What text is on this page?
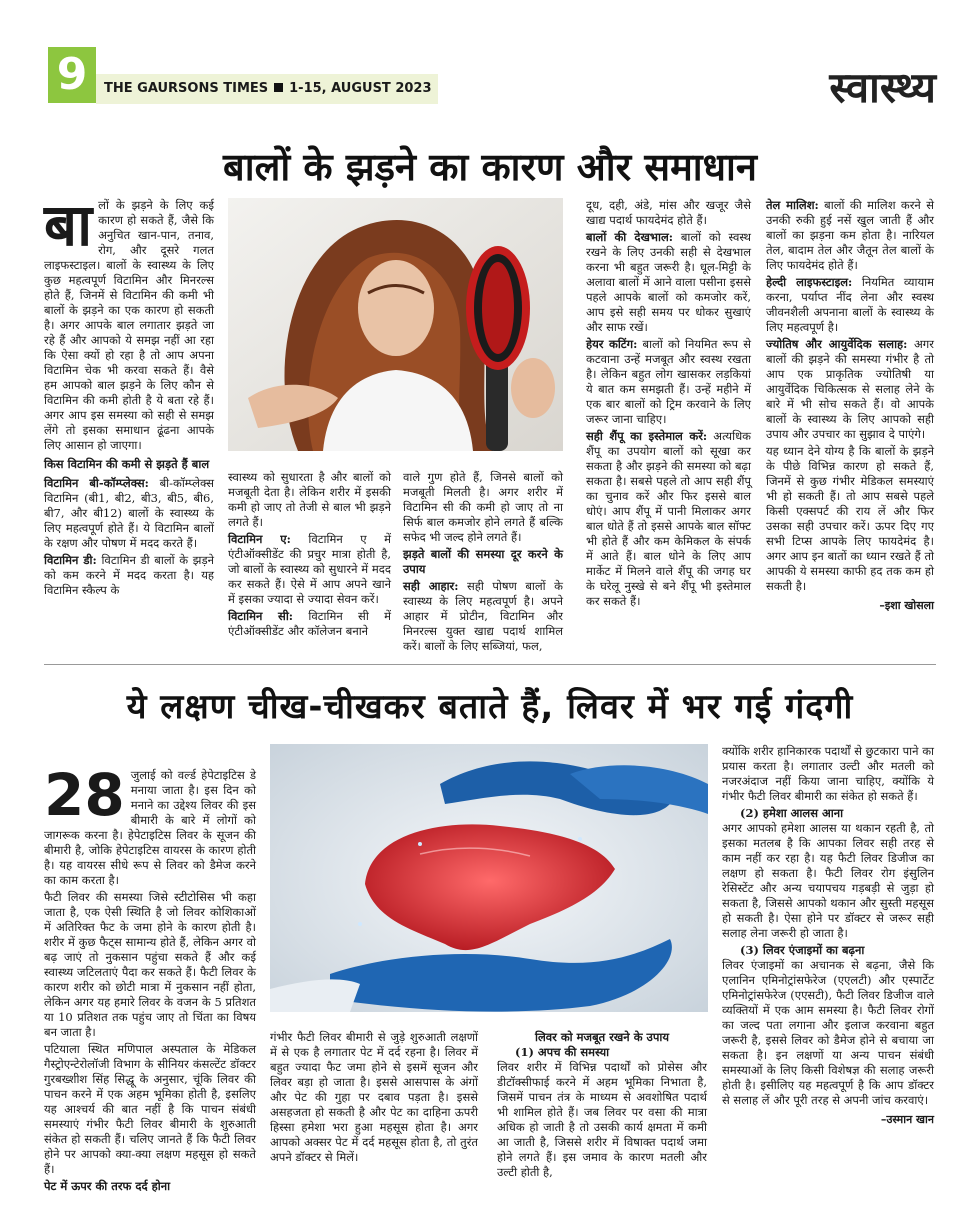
9	THE GAURSONS TIMES 1-15, AUGUST 2023	स्वास्थ्य
बालों के झड़ने का कारण और समाधान
बा लों के झड़ने के लिए कई कारण हो सकते हैं, जैसे कि अनुचित खान-पान, तनाव, रोग, और दूसरे गलत लाइफस्टाइल। बालों के स्वास्थ्य के लिए कुछ महत्वपूर्ण विटामिन और मिनरल्स होते हैं, जिनमें से विटामिन की कमी भी बालों के झड़ने का एक कारण हो सकती है। अगर आपके बाल लगातार झड़ते जा रहे हैं और आपको ये समझ नहीं आ रहा कि ऐसा क्यों हो रहा है तो आप अपना विटामिन चेक भी करवा सकते हैं। वैसे हम आपको बाल झड़ने के लिए कौन से विटामिन की कमी होती है ये बता रहे हैं। अगर आप इस समस्या को सही से समझ लेंगे तो इसका समाधान ढूंढना आपके लिए आसान हो जाएगा।

किस विटामिन की कमी से झड़ते हैं बाल

विटामिन बी-कॉम्प्लेक्स: बी-कॉम्प्लेक्स विटामिन (बी1, बी2, बी3, बी5, बी6, बी7, और बी12) बालों के स्वास्थ्य के लिए महत्वपूर्ण होते हैं। ये विटामिन बालों के रक्षण और पोषण में मदद करते हैं।

विटामिन डी: विटामिन डी बालों के झड़ने को कम करने में मदद करता है। यह विटामिन स्कैल्प के

स्वास्थ्य को सुधारता है और बालों को मजबूती देता है। लेकिन शरीर में इसकी कमी हो जाए तो तेजी से बाल भी झड़ने लगते हैं।

विटामिन ए: विटामिन ए में एंटीऑक्सीडेंट की प्रचुर मात्रा होती है, जो बालों के स्वास्थ्य को सुधारने में मदद कर सकते हैं। ऐसे में आप अपने खाने में इसका ज्यादा से ज्यादा सेवन करें।

विटामिन सी: विटामिन सी में एंटीऑक्सीडेंट और कॉलेजन बनाने

वाले गुण होते हैं, जिनसे बालों को मजबूती मिलती है। अगर शरीर में विटामिन सी की कमी हो जाए तो ना सिर्फ बाल कमजोर होने लगते हैं बल्कि सफेद भी जल्द होने लगते हैं।

झड़ते बालों की समस्या दूर करने के उपाय

सही आहार: सही पोषण बालों के स्वास्थ्य के लिए महत्वपूर्ण है। अपने आहार में प्रोटीन, विटामिन और मिनरल्स युक्त खाद्य पदार्थ शामिल करें। बालों के लिए सब्जियां, फल,

दूध, दही, अंडे, मांस और खजूर जैसे खाद्य पदार्थ फायदेमंद होते हैं।

बालों की देखभाल: बालों को स्वस्थ रखने के लिए उनकी सही से देखभाल करना भी बहुत जरूरी है। धूल-मिट्टी के अलावा बालों में आने वाला पसीना इससे पहले आपके बालों को कमजोर करें, आप इसे सही समय पर धोकर सुखाएं और साफ रखें।

हेयर कटिंग: बालों को नियमित रूप से कटवाना उन्हें मजबूत और स्वस्थ रखता है। लेकिन बहुत लोग खासकर लड़कियां ये बात कम समझती हैं। उन्हें महीने में एक बार बालों को ट्रिम करवाने के लिए जरूर जाना चाहिए।

सही शैंपू का इस्तेमाल करें: अत्यधिक शैंपू का उपयोग बालों को सूखा कर सकता है और झड़ने की समस्या को बढ़ा सकता है। सबसे पहले तो आप सही शैंपू का चुनाव करें और फिर इससे बाल धोएं। आप शैंपू में पानी मिलाकर अगर बाल धोते हैं तो इससे आपके बाल सॉफ्ट भी होते हैं और कम केमिकल के संपर्क में आते हैं। बाल धोने के लिए आप मार्केट में मिलने वाले शैंपू की जगह घर के घरेलू नुस्खे से बने शैंपू भी इस्तेमाल कर सकते हैं।

तेल मालिश: बालों की मालिश करने से उनकी रुकी हुई नसें खुल जाती हैं और बालों का झड़ना कम होता है। नारियल तेल, बादाम तेल और जैतून तेल बालों के लिए फायदेमंद होते हैं।

हेल्दी लाइफस्टाइल: नियमित व्यायाम करना, पर्याप्त नींद लेना और स्वस्थ जीवनशैली अपनाना बालों के स्वास्थ्य के लिए महत्वपूर्ण है।

ज्योतिष और आयुर्वेदिक सलाह: अगर बालों की झड़ने की समस्या गंभीर है तो आप एक प्राकृतिक ज्योतिषी या आयुर्वेदिक चिकित्सक से सलाह लेने के बारे में भी सोच सकते हैं। वो आपके बालों के स्वास्थ्य के लिए आपको सही उपाय और उपचार का सुझाव दे पाएंगे।

यह ध्यान देने योग्य है कि बालों के झड़ने के पीछे विभिन्न कारण हो सकते हैं, जिनमें से कुछ गंभीर मेडिकल समस्याएं भी हो सकती हैं। तो आप सबसे पहले किसी एक्सपर्ट की राय लें और फिर उसका सही उपचार करें। ऊपर दिए गए सभी टिप्स आपके लिए फायदेमंद है। अगर आप इन बातों का ध्यान रखते हैं तो आपकी ये समस्या काफी हद तक कम हो सकती है।

–इशा खोसला

ये लक्षण चीख-चीखकर बताते हैं, लिवर में भर गई गंदगी
28 जुलाई को वर्ल्ड हेपेटाइटिस डे मनाया जाता है। इस दिन को मनाने का उद्देश्य लिवर की इस बीमारी के बारे में लोगों को जागरूक करना है। हेपेटाइटिस लिवर के सूजन की बीमारी है, जोकि हेपेटाइटिस वायरस के कारण होती है। यह वायरस सीधे रूप से लिवर को डैमेज करने का काम करता है।

फैटी लिवर की समस्या जिसे स्टीटोसिस भी कहा जाता है, एक ऐसी स्थिति है जो लिवर कोशिकाओं में अतिरिक्त फैट के जमा होने के कारण होती है। शरीर में कुछ फैट्स सामान्य होते हैं, लेकिन अगर वो बढ़ जाएं तो नुकसान पहुंचा सकते हैं और कई स्वास्थ्य जटिलताएं पैदा कर सकते हैं। फैटी लिवर के कारण शरीर को छोटी मात्रा में नुकसान नहीं होता, लेकिन अगर यह हमारे लिवर के वजन के 5 प्रतिशत या 10 प्रतिशत तक पहुंच जाए तो चिंता का विषय बन जाता है।

पटियाला स्थित मणिपाल अस्पताल के मेडिकल गैस्ट्रोएन्टेरोलॉजी विभाग के सीनियर कंसल्टेंट डॉक्टर गुरबख्शीश सिंह सिद्धू के अनुसार, चूंकि लिवर की पाचन करने में एक अहम भूमिका होती है, इसलिए यह आश्चर्य की बात नहीं है कि पाचन संबंधी समस्याएं गंभीर फैटी लिवर बीमारी के शुरुआती संकेत हो सकती हैं। चलिए जानते हैं कि फैटी लिवर होने पर आपको क्या-क्या लक्षण महसूस हो सकते हैं।

पेट में ऊपर की तरफ दर्द होना

गंभीर फैटी लिवर बीमारी से जुड़े शुरुआती लक्षणों में से एक है लगातार पेट में दर्द रहना है। लिवर में बहुत ज्यादा फैट जमा होने से इसमें सूजन और लिवर बड़ा हो जाता है। इससे आसपास के अंगों और पेट की गुहा पर दबाव पड़ता है। इससे असहजता हो सकती है और पेट का दाहिना ऊपरी हिस्सा हमेशा भरा हुआ महसूस होता है। अगर आपको अक्सर पेट में दर्द महसूस होता है, तो तुरंत अपने डॉक्टर से मिलें।

लिवर को मजबूत रखने के उपाय

(1) अपच की समस्या

लिवर शरीर में विभिन्न पदार्थों को प्रोसेस और डीटॉक्सीफाई करने में अहम भूमिका निभाता है, जिसमें पाचन तंत्र के माध्यम से अवशोषित पदार्थ भी शामिल होते हैं। जब लिवर पर वसा की मात्रा अधिक हो जाती है तो उसकी कार्य क्षमता में कमी आ जाती है, जिससे शरीर में विषाक्त पदार्थ जमा होने लगते हैं। इस जमाव के कारण मतली और उल्टी होती है,

क्योंकि शरीर हानिकारक पदार्थों से छुटकारा पाने का प्रयास करता है। लगातार उल्टी और मतली को नजरअंदाज नहीं किया जाना चाहिए, क्योंकि ये गंभीर फैटी लिवर बीमारी का संकेत हो सकते हैं।

(2) हमेशा आलस आना

अगर आपको हमेशा आलस या थकान रहती है, तो इसका मतलब है कि आपका लिवर सही तरह से काम नहीं कर रहा है। यह फैटी लिवर डिजीज का लक्षण हो सकता है। फैटी लिवर रोग इंसुलिन रेसिस्टेंट और अन्य चयापचय गड़बड़ी से जुड़ा हो सकता है, जिससे आपको थकान और सुस्ती महसूस हो सकती है। ऐसा होने पर डॉक्टर से जरूर सही सलाह लेना जरूरी हो जाता है।

(3) लिवर एंजाइमों का बढ़ना

लिवर एंजाइमों का अचानक से बढ़ना, जैसे कि एलानिन एमिनोट्रांसफेरेज (एएलटी) और एस्पार्टेट एमिनोट्रांसफेरेज (एएसटी), फैटी लिवर डिजीज वाले व्यक्तियों में एक आम समस्या है। फैटी लिवर रोगों का जल्द पता लगाना और इलाज करवाना बहुत जरूरी है, इससे लिवर को डैमेज होने से बचाया जा सकता है। इन लक्षणों या अन्य पाचन संबंधी समस्याओं के लिए किसी विशेषज्ञ की सलाह जरूरी होती है। इसीलिए यह महत्वपूर्ण है कि आप डॉक्टर से सलाह लें और पूरी तरह से अपनी जांच करवाएं।

–उस्मान खान
